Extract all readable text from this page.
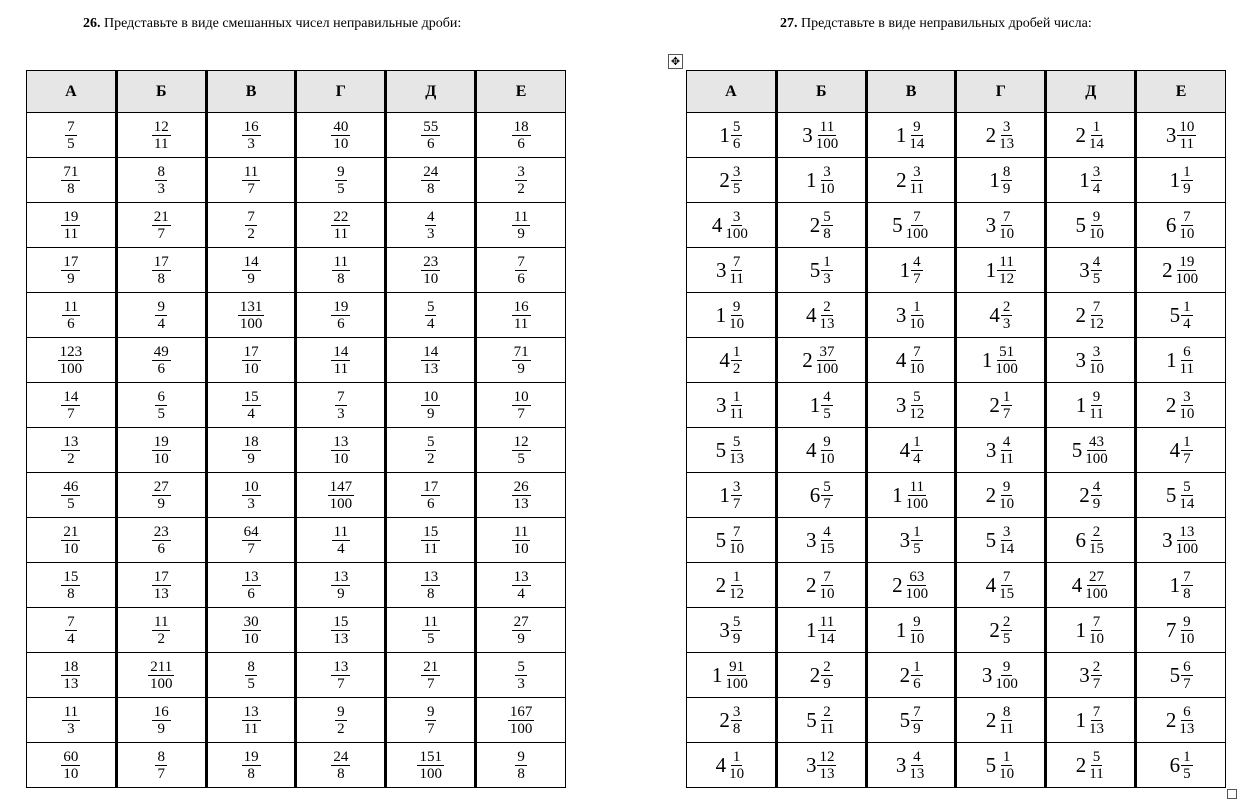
26. Представьте в виде смешанных чисел неправильные дроби:	27. Представьте в виде неправильных дробей числа:
✥
А	Б	В	Г	Д	Е

$\frac{7}{5}$	$\frac{12}{11}$	$\frac{16}{3}$	$\frac{40}{10}$	$\frac{55}{6}$	$\frac{18}{6}$

$\frac{71}{8}$	$\frac{8}{3}$	$\frac{11}{7}$	$\frac{9}{5}$	$\frac{24}{8}$	$\frac{3}{2}$

$\frac{19}{11}$	$\frac{21}{7}$	$\frac{7}{2}$	$\frac{22}{11}$	$\frac{4}{3}$	$\frac{11}{9}$

$\frac{17}{9}$	$\frac{17}{8}$	$\frac{14}{9}$	$\frac{11}{8}$	$\frac{23}{10}$	$\frac{7}{6}$

$\frac{11}{6}$	$\frac{9}{4}$	$\frac{131}{100}$	$\frac{19}{6}$	$\frac{5}{4}$	$\frac{16}{11}$

$\frac{123}{100}$	$\frac{49}{6}$	$\frac{17}{10}$	$\frac{14}{11}$	$\frac{14}{13}$	$\frac{71}{9}$

$\frac{14}{7}$	$\frac{6}{5}$	$\frac{15}{4}$	$\frac{7}{3}$	$\frac{10}{9}$	$\frac{10}{7}$

$\frac{13}{2}$	$\frac{19}{10}$	$\frac{18}{9}$	$\frac{13}{10}$	$\frac{5}{2}$	$\frac{12}{5}$

$\frac{46}{5}$	$\frac{27}{9}$	$\frac{10}{3}$	$\frac{147}{100}$	$\frac{17}{6}$	$\frac{26}{13}$

$\frac{21}{10}$	$\frac{23}{6}$	$\frac{64}{7}$	$\frac{11}{4}$	$\frac{15}{11}$	$\frac{11}{10}$

$\frac{15}{8}$	$\frac{17}{13}$	$\frac{13}{6}$	$\frac{13}{9}$	$\frac{13}{8}$	$\frac{13}{4}$

$\frac{7}{4}$	$\frac{11}{2}$	$\frac{30}{10}$	$\frac{15}{13}$	$\frac{11}{5}$	$\frac{27}{9}$

$\frac{18}{13}$	$\frac{211}{100}$	$\frac{8}{5}$	$\frac{13}{7}$	$\frac{21}{7}$	$\frac{5}{3}$

$\frac{11}{3}$	$\frac{16}{9}$	$\frac{13}{11}$	$\frac{9}{2}$	$\frac{9}{7}$	$\frac{167}{100}$

$\frac{60}{10}$	$\frac{8}{7}$	$\frac{19}{8}$	$\frac{24}{8}$	$\frac{151}{100}$	$\frac{9}{8}$
А	Б	В	Г	Д	Е

$1 \frac{5}{6}$	$3 \frac{11}{100}$	$1 \frac{9}{14}$	$2 \frac{3}{13}$	$2 \frac{1}{14}$	$3 \frac{10}{11}$

$2 \frac{3}{5}$	$1 \frac{3}{10}$	$2 \frac{3}{11}$	$1 \frac{8}{9}$	$1 \frac{3}{4}$	$1 \frac{1}{9}$

$4 \frac{3}{100}$	$2 \frac{5}{8}$	$5 \frac{7}{100}$	$3 \frac{7}{10}$	$5 \frac{9}{10}$	$6 \frac{7}{10}$

$3 \frac{7}{11}$	$5 \frac{1}{3}$	$1 \frac{4}{7}$	$1 \frac{11}{12}$	$3 \frac{4}{5}$	$2 \frac{19}{100}$

$1 \frac{9}{10}$	$4 \frac{2}{13}$	$3 \frac{1}{10}$	$4 \frac{2}{3}$	$2 \frac{7}{12}$	$5 \frac{1}{4}$

$4 \frac{1}{2}$	$2 \frac{37}{100}$	$4 \frac{7}{10}$	$1 \frac{51}{100}$	$3 \frac{3}{10}$	$1 \frac{6}{11}$

$3 \frac{1}{11}$	$1 \frac{4}{5}$	$3 \frac{5}{12}$	$2 \frac{1}{7}$	$1 \frac{9}{11}$	$2 \frac{3}{10}$

$5 \frac{5}{13}$	$4 \frac{9}{10}$	$4 \frac{1}{4}$	$3 \frac{4}{11}$	$5 \frac{43}{100}$	$4 \frac{1}{7}$

$1 \frac{3}{7}$	$6 \frac{5}{7}$	$1 \frac{11}{100}$	$2 \frac{9}{10}$	$2 \frac{4}{9}$	$5 \frac{5}{14}$

$5 \frac{7}{10}$	$3 \frac{4}{15}$	$3 \frac{1}{5}$	$5 \frac{3}{14}$	$6 \frac{2}{15}$	$3 \frac{13}{100}$

$2 \frac{1}{12}$	$2 \frac{7}{10}$	$2 \frac{63}{100}$	$4 \frac{7}{15}$	$4 \frac{27}{100}$	$1 \frac{7}{8}$

$3 \frac{5}{9}$	$1 \frac{11}{14}$	$1 \frac{9}{10}$	$2 \frac{2}{5}$	$1 \frac{7}{10}$	$7 \frac{9}{10}$

$1 \frac{91}{100}$	$2 \frac{2}{9}$	$2 \frac{1}{6}$	$3 \frac{9}{100}$	$3 \frac{2}{7}$	$5 \frac{6}{7}$

$2 \frac{3}{8}$	$5 \frac{2}{11}$	$5 \frac{7}{9}$	$2 \frac{8}{11}$	$1 \frac{7}{13}$	$2 \frac{6}{13}$

$4 \frac{1}{10}$	$3 \frac{12}{13}$	$3 \frac{4}{13}$	$5 \frac{1}{10}$	$2 \frac{5}{11}$	$6 \frac{1}{5}$
